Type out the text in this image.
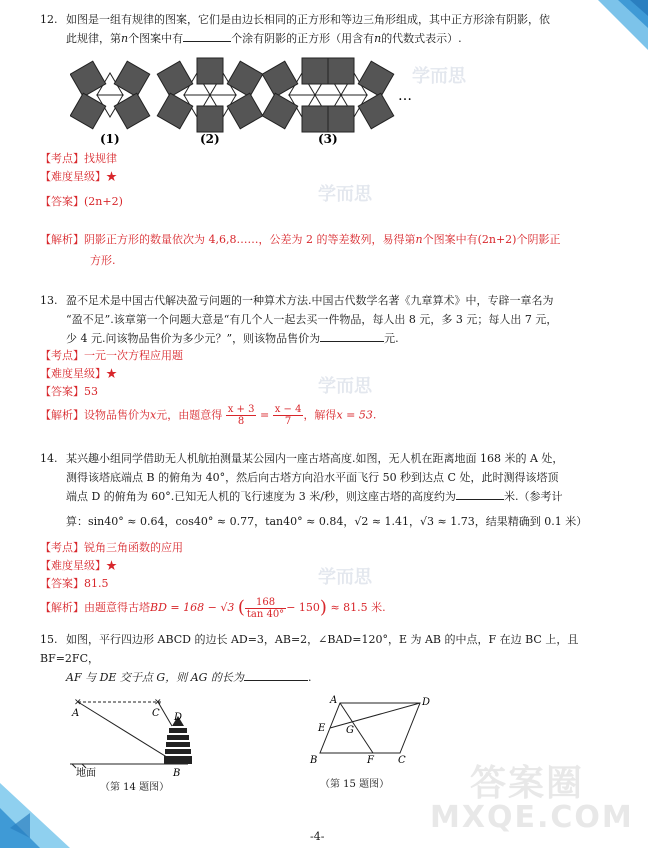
学而思
学而思
学而思
学而思
答案圈
MXQE.COM
12. 如图是一组有规律的图案，它们是由边长相同的正方形和等边三角形组成，其中正方形涂有阴影，依
此规律，第n个图案中有	个涂有阴影的正方形（用含有n的代数式表示）.
(1)	(2)	(3)
…
【考点】找规律
【难度星级】★
【答案】(2n+2)
【解析】阴影正方形的数量依次为 4,6,8……，公差为 2 的等差数列，易得第n个图案中有(2n+2)个阴影正
方形.
13. 盈不足术是中国古代解决盈亏问题的一种算术方法.中国古代数学名著《九章算术》中，专辟一章名为
“盈不足”.该章第一个问题大意是“有几个人一起去买一件物品，每人出 8 元，多 3 元；每人出 7 元，
少 4 元.问该物品售价为多少元？”，则该物品售价为	元.
【考点】一元一次方程应用题
【难度星级】★
【答案】53
【解析】设物品售价为x元，由题意得 $\frac{x + 3}{8} = \frac{x - 4}{7}$ ，解得x = 53.
14. 某兴趣小组同学借助无人机航拍测量某公园内一座古塔高度.如图，无人机在距离地面 168 米的 A 处，
测得该塔底端点 B 的俯角为 40°，然后向古塔方向沿水平面飞行 50 秒到达点 C 处，此时测得该塔顶
端点 D 的俯角为 60°.已知无人机的飞行速度为 3 米/秒，则这座古塔的高度约为	米.（参考计
算：sin40° ≈ 0.64，cos40° ≈ 0.77，tan40° ≈ 0.84，√2 ≈ 1.41，√3 ≈ 1.73，结果精确到 0.1 米）
【考点】锐角三角函数的应用
【难度星级】★
【答案】81.5
【解析】由题意得古塔BD = 168 − √3 ( $\frac{168}{\tan 40^\circ} - 150) \approx 81.5$ 米.
15. 如图，平行四边形 ABCD 的边长 AD=3，AB=2，∠BAD=120°，E 为 AB 的中点，F 在边 BC 上，且 BF=2FC，
AF 与 DE 交于点 G，则 AG 的长为	.
✕	✕
A	C D
B
地面
（第 14 题图）
A	D
E G
B	F C
（第 15 题图）
-4-
